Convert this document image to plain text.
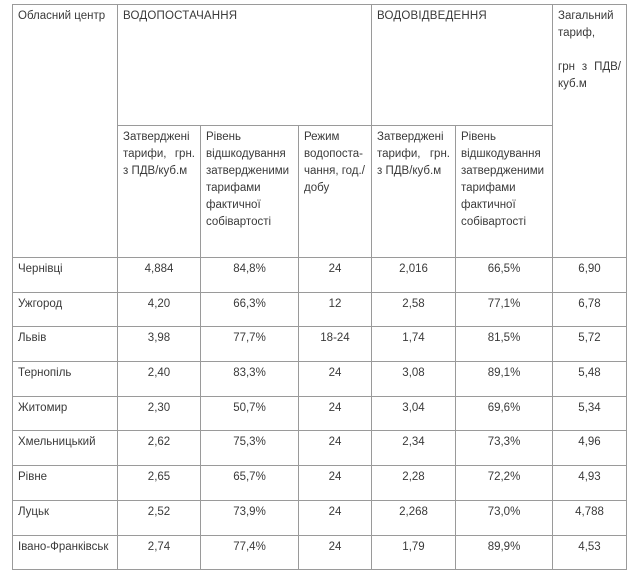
Обласний центр	ВОДОПОСТАЧАННЯ			ВОДОВІДВЕДЕННЯ		Загальний тариф,
грн з ПДВ/ куб.м

	Затверджені тарифи, грн. з ПДВ/куб.м	Рівень відшкодування затвердженими тарифами фактичної собівартості	Режим водопоста-чання, год./добу	Затверджені тарифи, грн. з ПДВ/куб.м	Рівень відшкодування затвердженими тарифами фактичної собівартості	
Чернівці	4,884	84,8%	24	2,016	66,5%	6,90
Ужгород	4,20	66,3%	12	2,58	77,1%	6,78
Львів	3,98	77,7%	18-24	1,74	81,5%	5,72
Тернопіль	2,40	83,3%	24	3,08	89,1%	5,48
Житомир	2,30	50,7%	24	3,04	69,6%	5,34
Хмельницький	2,62	75,3%	24	2,34	73,3%	4,96
Рівне	2,65	65,7%	24	2,28	72,2%	4,93
Луцьк	2,52	73,9%	24	2,268	73,0%	4,788
Івано-Франківськ	2,74	77,4%	24	1,79	89,9%	4,53
